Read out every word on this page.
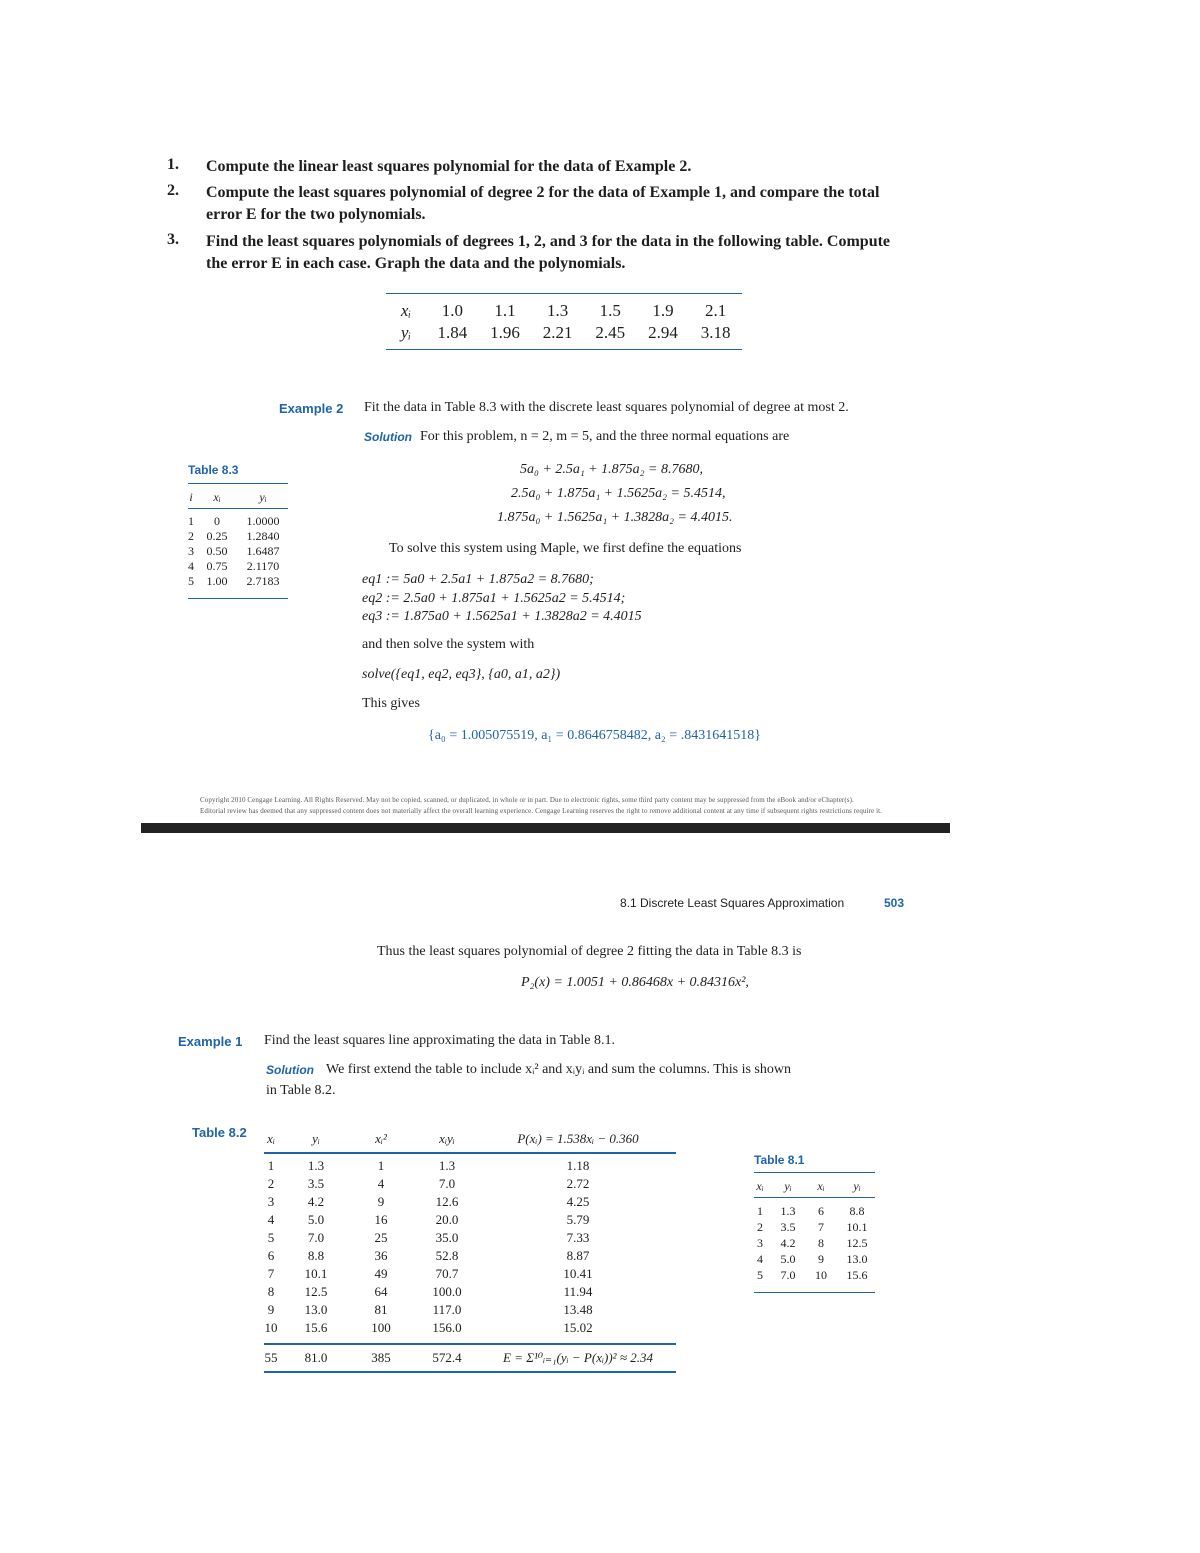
1. Compute the linear least squares polynomial for the data of Example 2.
2. Compute the least squares polynomial of degree 2 for the data of Example 1, and compare the total
error E for the two polynomials.
3. Find the least squares polynomials of degrees 1, 2, and 3 for the data in the following table. Compute
the error E in each case. Graph the data and the polynomials.
xᵢ	1.0	1.1	1.3	1.5	1.9	2.1
yᵢ	1.84	1.96	2.21	2.45	2.94	3.18
Example 2 Fit the data in Table 8.3 with the discrete least squares polynomial of degree at most 2.
Solution For this problem, n = 2, m = 5, and the three normal equations are
5a₀ + 2.5a₁ + 1.875a₂ = 8.7680,
2.5a₀ + 1.875a₁ + 1.5625a₂ = 5.4514,
1.875a₀ + 1.5625a₁ + 1.3828a₂ = 4.4015.
To solve this system using Maple, we first define the equations
eq1 := 5a0 + 2.5a1 + 1.875a2 = 8.7680;
eq2 := 2.5a0 + 1.875a1 + 1.5625a2 = 5.4514;
eq3 := 1.875a0 + 1.5625a1 + 1.3828a2 = 4.4015
and then solve the system with
solve({eq1, eq2, eq3}, {a0, a1, a2})
This gives
{a₀ = 1.005075519, a₁ = 0.8646758482, a₂ = .8431641518}
Table 8.3
i	xᵢ	yᵢ
1	0	1.0000
2	0.25	1.2840
3	0.50	1.6487
4	0.75	2.1170
5	1.00	2.7183
Copyright 2010 Cengage Learning. All Rights Reserved. May not be copied, scanned, or duplicated, in whole or in part. Due to electronic rights, some third party content may be suppressed from the eBook and/or eChapter(s).
Editorial review has deemed that any suppressed content does not materially affect the overall learning experience. Cengage Learning reserves the right to remove additional content at any time if subsequent rights restrictions require it.
8.1 Discrete Least Squares Approximation	503
Thus the least squares polynomial of degree 2 fitting the data in Table 8.3 is
P₂(x) = 1.0051 + 0.86468x + 0.84316x²,
Example 1 Find the least squares line approximating the data in Table 8.1.
Solution We first extend the table to include xᵢ² and xᵢyᵢ and sum the columns. This is shown
in Table 8.2.
Table 8.2 xᵢ	yᵢ	xᵢ²	xᵢyᵢ	P(xᵢ) = 1.538xᵢ − 0.360
1	1.3	1	1.3	1.18
2	3.5	4	7.0	2.72
3	4.2	9	12.6	4.25
4	5.0	16	20.0	5.79
5	7.0	25	35.0	7.33
6	8.8	36	52.8	8.87
7	10.1	49	70.7	10.41
8	12.5	64	100.0	11.94
9	13.0	81	117.0	13.48
10	15.6	100	156.0	15.02
55	81.0	385	572.4	E = Σ¹⁰ᵢ₌₁(yᵢ − P(xᵢ))² ≈ 2.34
Table 8.1
xᵢ	yᵢ	xᵢ	yᵢ
1	1.3	6	8.8
2	3.5	7	10.1
3	4.2	8	12.5
4	5.0	9	13.0
5	7.0	10	15.6
